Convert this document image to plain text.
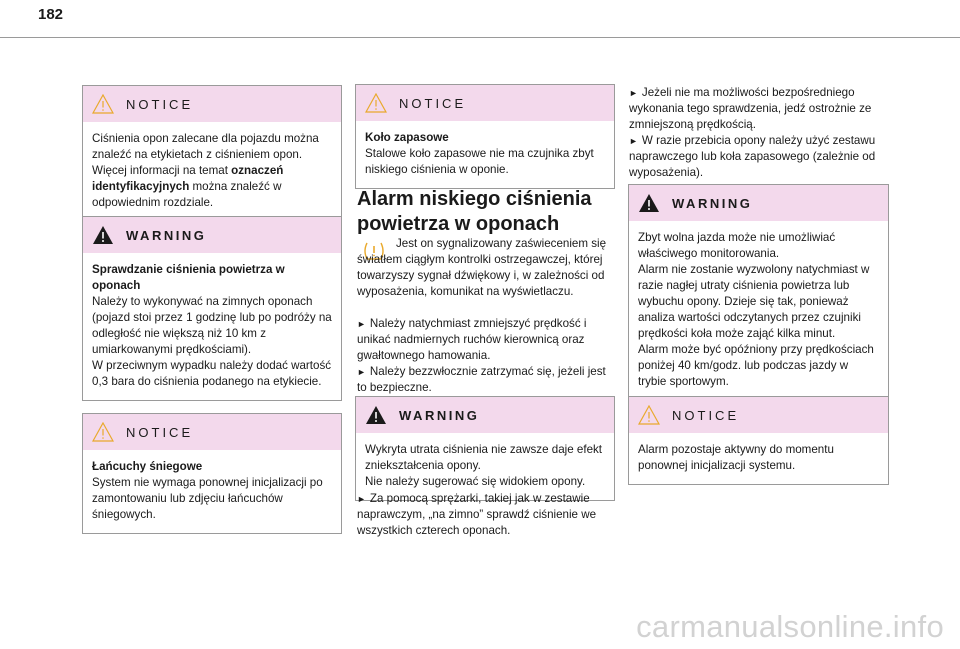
182
NOTICE

Ciśnienia opon zalecane dla pojazdu można znaleźć na etykietach z ciśnieniem opon.

Więcej informacji na temat oznaczeń identyfikacyjnych można znaleźć w odpowiednim rozdziale.

WARNING

Sprawdzanie ciśnienia powietrza w oponach

Należy to wykonywać na zimnych oponach (pojazd stoi przez 1 godzinę lub po podróży na odległość nie większą niż 10 km z umiarkowanymi prędkościami).

W przeciwnym wypadku należy dodać wartość 0,3 bara do ciśnienia podanego na etykiecie.

NOTICE

Łańcuchy śniegowe

System nie wymaga ponownej inicjalizacji po zamontowaniu lub zdjęciu łańcuchów śniegowych.

NOTICE

Koło zapasowe

Stalowe koło zapasowe nie ma czujnika zbyt niskiego ciśnienia w oponie.

Alarm niskiego ciśnienia powietrza w oponach
Jest on sygnalizowany zaświeceniem się światłem ciągłym kontrolki ostrzegawczej, której towarzyszy sygnał dźwiękowy i, w zależności od wyposażenia, komunikat na wyświetlaczu.
► Należy natychmiast zmniejszyć prędkość i unikać nadmiernych ruchów kierownicą oraz gwałtownego hamowania.
► Należy bezzwłocznie zatrzymać się, jeżeli jest to bezpieczne.
WARNING

Wykryta utrata ciśnienia nie zawsze daje efekt zniekształcenia opony.

Nie należy sugerować się widokiem opony.

► Za pomocą sprężarki, takiej jak w zestawie naprawczym, „na zimno” sprawdź ciśnienie we wszystkich czterech oponach.
► Jeżeli nie ma możliwości bezpośredniego wykonania tego sprawdzenia, jedź ostrożnie ze zmniejszoną prędkością.
► W razie przebicia opony należy użyć zestawu naprawczego lub koła zapasowego (zależnie od wyposażenia).
WARNING

Zbyt wolna jazda może nie umożliwiać właściwego monitorowania.

Alarm nie zostanie wyzwolony natychmiast w razie nagłej utraty ciśnienia powietrza lub wybuchu opony. Dzieje się tak, ponieważ analiza wartości odczytanych przez czujniki prędkości koła może zająć kilka minut.

Alarm może być opóźniony przy prędkościach poniżej 40 km/godz. lub podczas jazdy w trybie sportowym.

NOTICE

Alarm pozostaje aktywny do momentu ponownej inicjalizacji systemu.

carmanualsonline.info
